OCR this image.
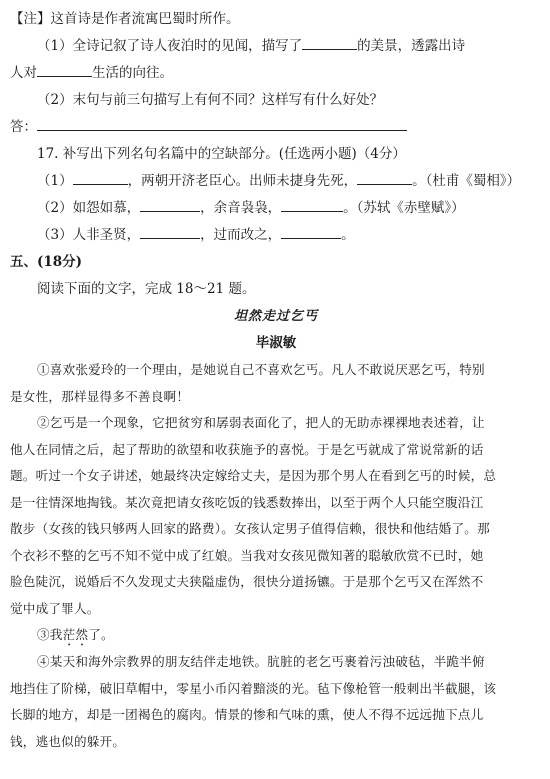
【注】这首诗是作者流寓巴蜀时所作。
（1）全诗记叙了诗人夜泊时的见闻，描写了	的美景，透露出诗
人对	生活的向往。
（2）末句与前三句描写上有何不同？这样写有什么好处？
答：
17. 补写出下列名句名篇中的空缺部分。(任选两小题)（4分）
（1）	，两朝开济老臣心。出师未捷身先死，	。（杜甫《蜀相》）
（2）如怨如慕，	，余音袅袅，	。（苏轼《赤壁赋》）
（3）人非圣贤，	，过而改之，	。
五、(18分)
阅读下面的文字，完成 18～21 题。
坦然走过乞丐
毕淑敏
①喜欢张爱玲的一个理由，是她说自己不喜欢乞丐。凡人不敢说厌恶乞丐，特别
是女性，那样显得多不善良啊！
②乞丐是一个现象，它把贫穷和孱弱表面化了，把人的无助赤裸裸地表述着，让
他人在同情之后，起了帮助的欲望和收获施予的喜悦。于是乞丐就成了常说常新的话
题。听过一个女子讲述，她最终决定嫁给丈夫，是因为那个男人在看到乞丐的时候，总
是一往情深地掏钱。某次竟把请女孩吃饭的钱悉数捧出，以至于两个人只能空腹沿江
散步（女孩的钱只够两人回家的路费）。女孩认定男子值得信赖，很快和他结婚了。那
个衣衫不整的乞丐不知不觉中成了红娘。当我对女孩见微知著的聪敏欣赏不已时，她
脸色陡沉，说婚后不久发现丈夫狭隘虚伪，很快分道扬镳。于是那个乞丐又在浑然不
觉中成了罪人。
③我茫然了。
④某天和海外宗教界的朋友结伴走地铁。肮脏的老乞丐裹着污浊破毡，半跪半俯
地挡住了阶梯，破旧草帽中，零星小币闪着黯淡的光。毡下像枪管一般刺出半截腿，该
长脚的地方，却是一团褐色的腐肉。情景的惨和气味的熏，使人不得不远远抛下点儿
钱，逃也似的躲开。
